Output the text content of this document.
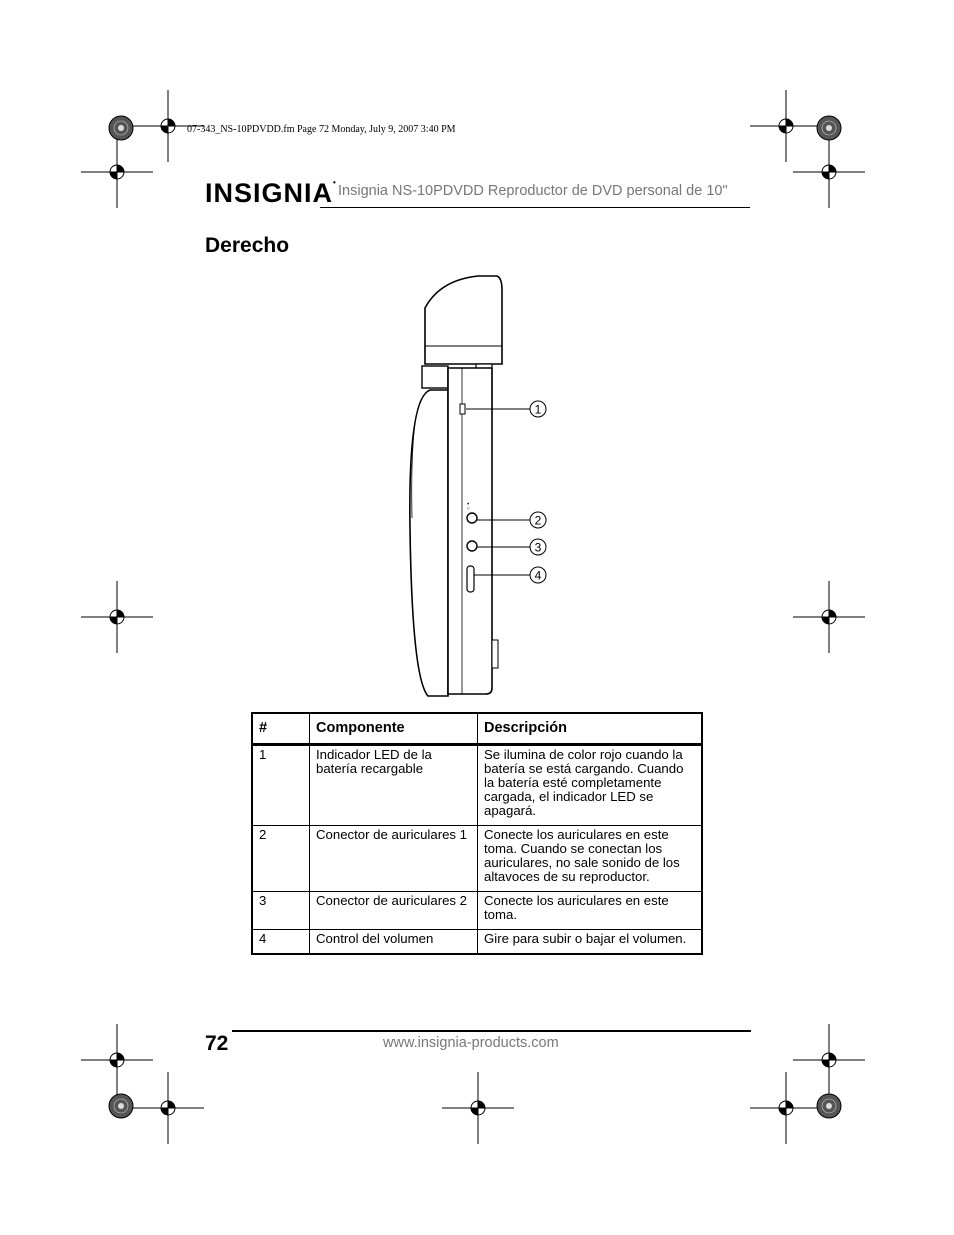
07-343_NS-10PDVDD.fm Page 72 Monday, July 9, 2007 3:40 PM
INSIGNIA•
Insignia NS-10PDVDD Reproductor de DVD personal de 10"
Derecho
○ ▪
1
2
3
4
#	Componente	Descripción
1	Indicador LED de la batería recargable	Se ilumina de color rojo cuando la batería se está cargando. Cuando la batería esté completamente cargada, el indicador LED se apagará.
2	Conector de auriculares 1	Conecte los auriculares en este toma. Cuando se conectan los auriculares, no sale sonido de los altavoces de su reproductor.
3	Conector de auriculares 2	Conecte los auriculares en este toma.
4	Control del volumen	Gire para subir o bajar el volumen.
72	www.insignia-products.com
